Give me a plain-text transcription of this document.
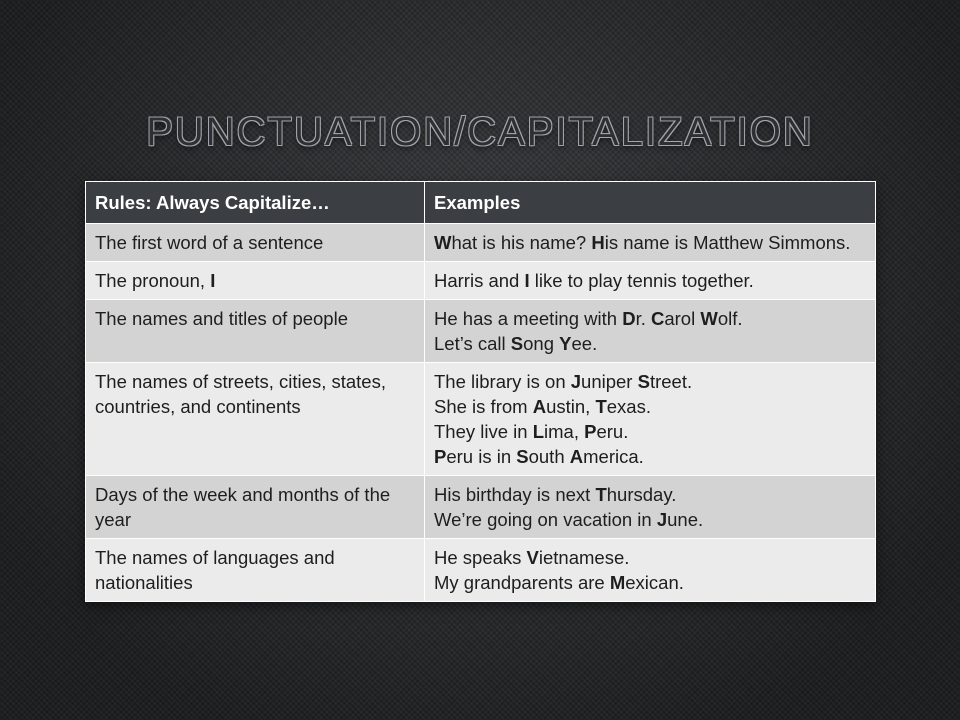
PUNCTUATION/CAPITALIZATION
Rules: Always Capitalize…	Examples
The first word of a sentence	What is his name? His name is Matthew Simmons.

The pronoun, I	Harris and I like to play tennis together.

The names and titles of people	He has a meeting with Dr. Carol Wolf.
Let’s call Song Yee.

The names of streets, cities, states, countries, and continents	The library is on Juniper Street.
She is from Austin, Texas.
They live in Lima, Peru.
Peru is in South America.

Days of the week and months of the year	His birthday is next Thursday.
We’re going on vacation in June.

The names of languages and nationalities	He speaks Vietnamese.
My grandparents are Mexican.
